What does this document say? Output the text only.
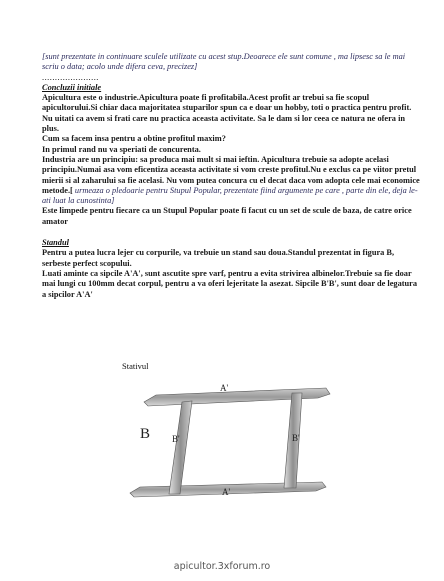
[sunt prezentate in continuare sculele utilizate cu acest stup.Deoarece ele sunt comune , ma lipsesc sa le mai scriu o data; acolo unde difera ceva, precizez]

......................

Concluzii initiale

Apicultura este o industrie.Apicultura poate fi profitabila.Acest profit ar trebui sa fie scopul apicultorului.Si chiar daca majoritatea stuparilor spun ca e doar un hobby, toti o practica pentru profit. Nu uitati ca avem si frati care nu practica aceasta activitate. Sa le dam si lor ceea ce natura ne ofera in plus.

Cum sa facem insa pentru a obtine profitul maxim?

In primul rand nu va speriati de concurenta.

Industria are un principiu: sa produca mai mult si mai ieftin. Apicultura trebuie sa adopte acelasi principiu.Numai asa vom eficentiza aceasta activitate si vom creste profitul.Nu e exclus ca pe viitor pretul mierii si al zaharului sa fie acelasi. Nu vom putea concura cu el decat daca vom adopta cele mai economice metode.[ urmeaza o pledoarie pentru Stupul Popular, prezentate fiind argumente pe care , parte din ele, deja le-ati luat la cunostinta]

Este limpede pentru fiecare ca un Stupul Popular poate fi facut cu un set de scule de baza, de catre orice amator

Standul

Pentru a putea lucra lejer cu corpurile, va trebuie un stand sau doua.Standul prezentat in figura B, serbeste perfect scopului.

Luati aminte ca sipcile A'A', sunt ascutite spre varf, pentru a evita strivirea albinelor.Trebuie sa fie doar mai lungi cu 100mm decat corpul, pentru a va oferi lejeritate la asezat. Sipcile B'B', sunt doar de legatura a sipcilor A'A'

Stativul
A'
A'
B B'	B'
apicultor.3xforum.ro
